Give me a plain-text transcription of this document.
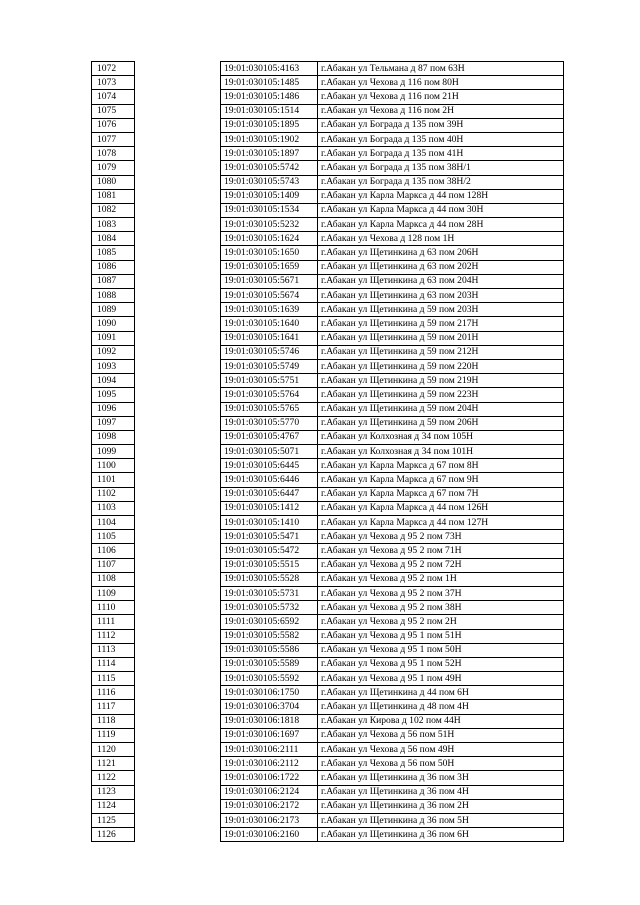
1072		19:01:030105:4163	г.Абакан ул Тельмана д 87 пом 63Н
1073		19:01:030105:1485	г.Абакан ул Чехова д 116 пом 80Н
1074		19:01:030105:1486	г.Абакан ул Чехова д 116 пом 21Н
1075		19:01:030105:1514	г.Абакан ул Чехова д 116 пом 2Н
1076		19:01:030105:1895	г.Абакан ул Бограда д 135 пом 39Н
1077		19:01:030105:1902	г.Абакан ул Бограда д 135 пом 40Н
1078		19:01:030105:1897	г.Абакан ул Бограда д 135 пом 41Н
1079		19:01:030105:5742	г.Абакан ул Бограда д 135 пом 38Н/1
1080		19:01:030105:5743	г.Абакан ул Бограда д 135 пом 38Н/2
1081		19:01:030105:1409	г.Абакан ул Карла Маркса д 44 пом 128Н
1082		19:01:030105:1534	г.Абакан ул Карла Маркса д 44 пом 30Н
1083		19:01:030105:5232	г.Абакан ул Карла Маркса д 44 пом 28Н
1084		19:01:030105:1624	г.Абакан ул Чехова д 128 пом 1Н
1085		19:01:030105:1650	г.Абакан ул Щетинкина д 63 пом 206Н
1086		19:01:030105:1659	г.Абакан ул Щетинкина д 63 пом 202Н
1087		19:01:030105:5671	г.Абакан ул Щетинкина д 63 пом 204Н
1088		19:01:030105:5674	г.Абакан ул Щетинкина д 63 пом 203Н
1089		19:01:030105:1639	г.Абакан ул Щетинкина д 59 пом 203Н
1090		19:01:030105:1640	г.Абакан ул Щетинкина д 59 пом 217Н
1091		19:01:030105:1641	г.Абакан ул Щетинкина д 59 пом 201Н
1092		19:01:030105:5746	г.Абакан ул Щетинкина д 59 пом 212Н
1093		19:01:030105:5749	г.Абакан ул Щетинкина д 59 пом 220Н
1094		19:01:030105:5751	г.Абакан ул Щетинкина д 59 пом 219Н
1095		19:01:030105:5764	г.Абакан ул Щетинкина д 59 пом 223Н
1096		19:01:030105:5765	г.Абакан ул Щетинкина д 59 пом 204Н
1097		19:01:030105:5770	г.Абакан ул Щетинкина д 59 пом 206Н
1098		19:01:030105:4767	г.Абакан ул Колхозная д 34 пом 105Н
1099		19:01:030105:5071	г.Абакан ул Колхозная д 34 пом 101Н
1100		19:01:030105:6445	г.Абакан ул Карла Маркса д 67 пом 8Н
1101		19:01:030105:6446	г.Абакан ул Карла Маркса д 67 пом 9Н
1102		19:01:030105:6447	г.Абакан ул Карла Маркса д 67 пом 7Н
1103		19:01:030105:1412	г.Абакан ул Карла Маркса д 44 пом 126Н
1104		19:01:030105:1410	г.Абакан ул Карла Маркса д 44 пом 127Н
1105		19:01:030105:5471	г.Абакан ул Чехова д 95 2 пом 73Н
1106		19:01:030105:5472	г.Абакан ул Чехова д 95 2 пом 71Н
1107		19:01:030105:5515	г.Абакан ул Чехова д 95 2 пом 72Н
1108		19:01:030105:5528	г.Абакан ул Чехова д 95 2 пом 1Н
1109		19:01:030105:5731	г.Абакан ул Чехова д 95 2 пом 37Н
1110		19:01:030105:5732	г.Абакан ул Чехова д 95 2 пом 38Н
1111		19:01:030105:6592	г.Абакан ул Чехова д 95 2 пом 2Н
1112		19:01:030105:5582	г.Абакан ул Чехова д 95 1 пом 51Н
1113		19:01:030105:5586	г.Абакан ул Чехова д 95 1 пом 50Н
1114		19:01:030105:5589	г.Абакан ул Чехова д 95 1 пом 52Н
1115		19:01:030105:5592	г.Абакан ул Чехова д 95 1 пом 49Н
1116		19:01:030106:1750	г.Абакан ул Щетинкина д 44 пом 6Н
1117		19:01:030106:3704	г.Абакан ул Щетинкина д 48 пом 4Н
1118		19:01:030106:1818	г.Абакан ул Кирова д 102 пом 44Н
1119		19:01:030106:1697	г.Абакан ул Чехова д 56 пом 51Н
1120		19:01:030106:2111	г.Абакан ул Чехова д 56 пом 49Н
1121		19:01:030106:2112	г.Абакан ул Чехова д 56 пом 50Н
1122		19:01:030106:1722	г.Абакан ул Щетинкина д 36 пом 3Н
1123		19:01:030106:2124	г.Абакан ул Щетинкина д 36 пом 4Н
1124		19:01:030106:2172	г.Абакан ул Щетинкина д 36 пом 2Н
1125		19:01:030106:2173	г.Абакан ул Щетинкина д 36 пом 5Н
1126		19:01:030106:2160	г.Абакан ул Щетинкина д 36 пом 6Н
